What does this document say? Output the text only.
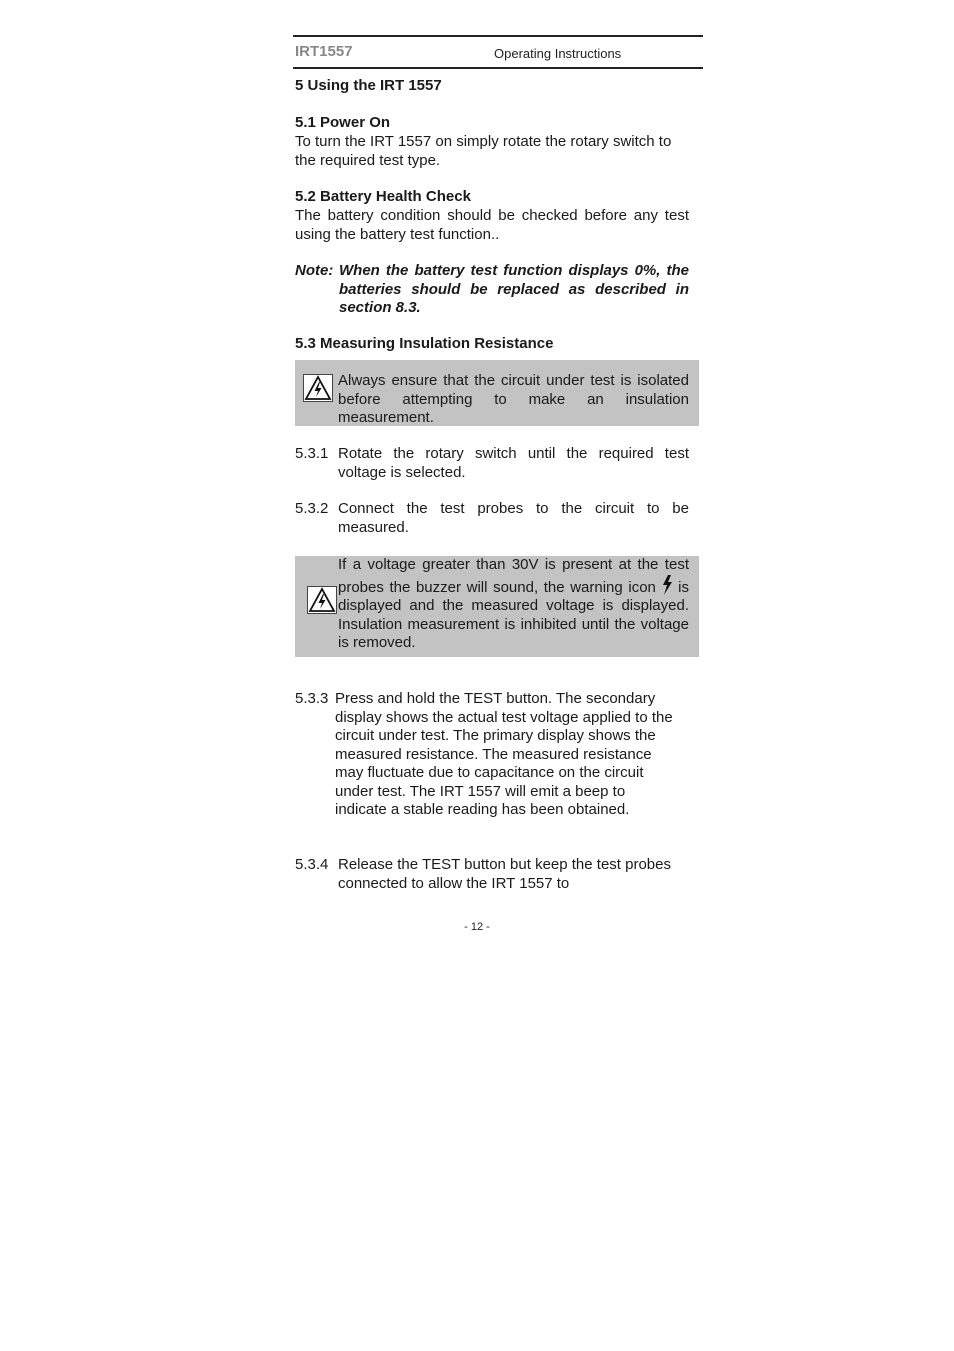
IRT1557	Operating Instructions
5 Using the IRT 1557
5.1 Power On
To turn the IRT 1557 on simply rotate the rotary switch to the required test type.
5.2 Battery Health Check
The battery condition should be checked before any test using the battery test function..
Note: When the battery test function displays 0%, the batteries should be replaced as described in section 8.3.
5.3 Measuring Insulation Resistance
Always ensure that the circuit under test is isolated before attempting to make an insulation measurement.
5.3.1 Rotate the rotary switch until the required test voltage is selected.
5.3.2 Connect the test probes to the circuit to be measured.
If a voltage greater than 30V is present at the test probes the buzzer will sound, the warning icon is displayed and the measured voltage is displayed. Insulation measurement is inhibited until the voltage is removed.
5.3.3 Press and hold the TEST button. The secondary display shows the actual test voltage applied to the circuit under test. The primary display shows the measured resistance. The measured resistance may fluctuate due to capacitance on the circuit under test. The IRT 1557 will emit a beep to indicate a stable reading has been obtained.
5.3.4 Release the TEST button but keep the test probes connected to allow the IRT 1557 to
- 12 -
